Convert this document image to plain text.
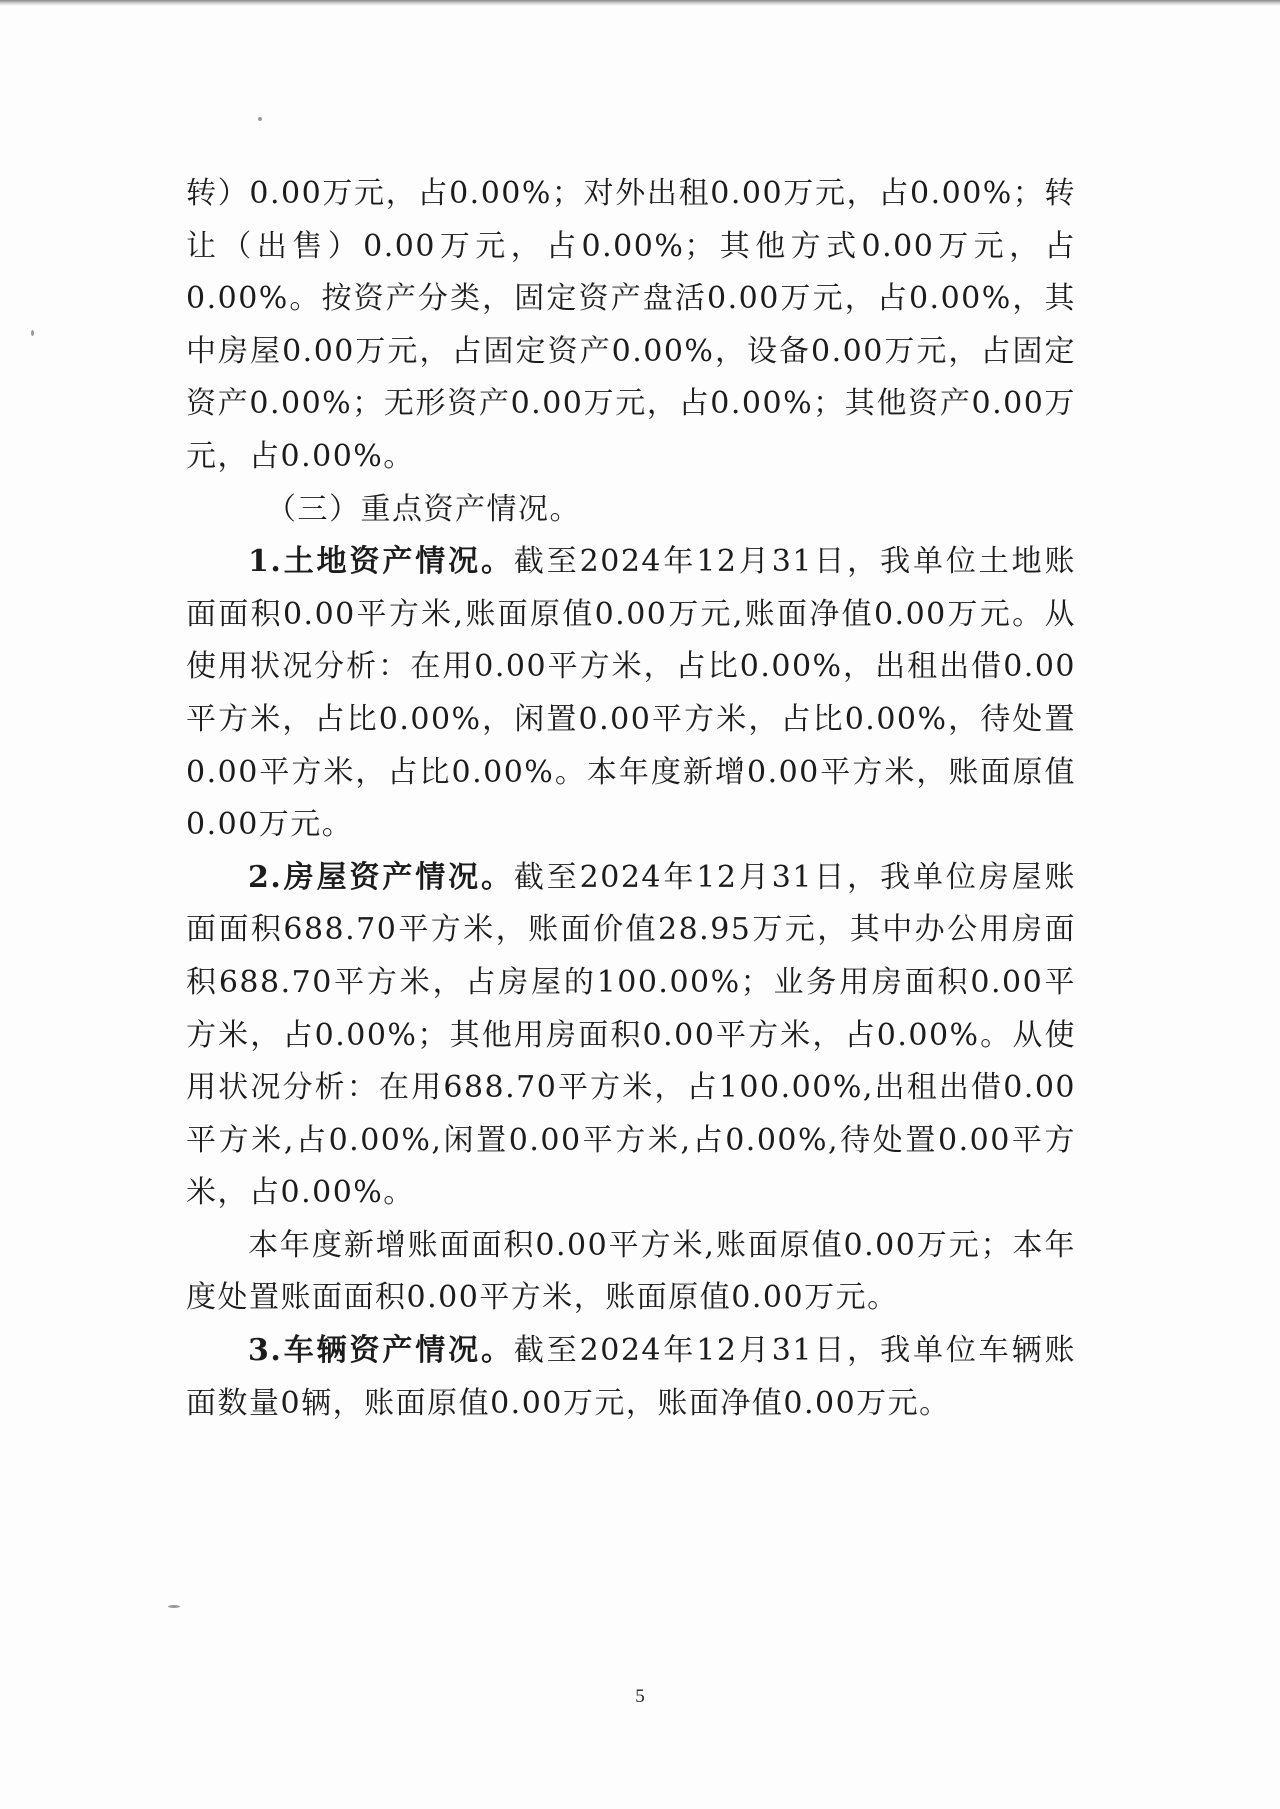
转）0.00万元，占0.00%；对外出租0.00万元，占0.00%；转让（出售）0.00万元，占0.00%；其他方式0.00万元，占0.00%。按资产分类，固定资产盘活0.00万元，占0.00%，其中房屋0.00万元，占固定资产0.00%，设备0.00万元，占固定资产0.00%；无形资产0.00万元，占0.00%；其他资产0.00万元，占0.00%。

（三）重点资产情况。

1.土地资产情况。截至2024年12月31日，我单位土地账面面积0.00平方米,账面原值0.00万元,账面净值0.00万元。从使用状况分析：在用0.00平方米，占比0.00%，出租出借0.00平方米，占比0.00%，闲置0.00平方米，占比0.00%，待处置0.00平方米，占比0.00%。本年度新增0.00平方米，账面原值0.00万元。

2.房屋资产情况。截至2024年12月31日，我单位房屋账面面积688.70平方米，账面价值28.95万元，其中办公用房面积688.70平方米，占房屋的100.00%；业务用房面积0.00平方米，占0.00%；其他用房面积0.00平方米，占0.00%。从使用状况分析：在用688.70平方米，占100.00%,出租出借0.00平方米,占0.00%,闲置0.00平方米,占0.00%,待处置0.00平方米，占0.00%。

本年度新增账面面积0.00平方米,账面原值0.00万元；本年度处置账面面积0.00平方米，账面原值0.00万元。

3.车辆资产情况。截至2024年12月31日，我单位车辆账面数量0辆，账面原值0.00万元，账面净值0.00万元。

5
